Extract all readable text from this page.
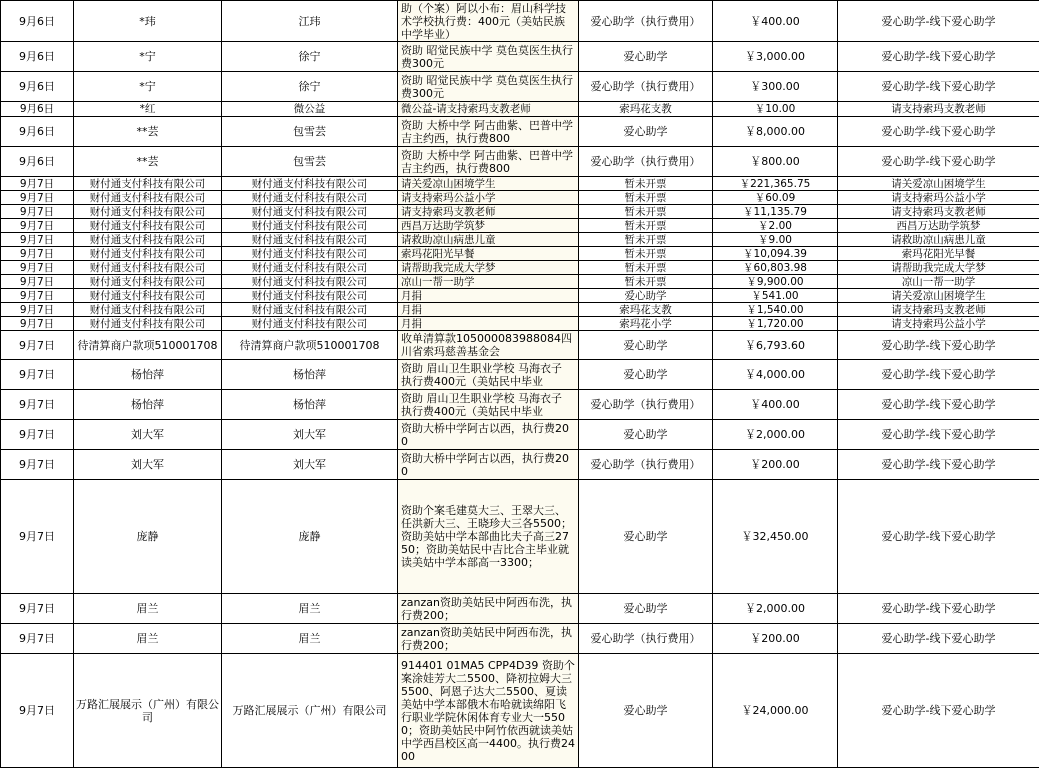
9月6日	*玮	江玮	助（个案）阿以小布：眉山科学技术学校执行费：400元（美姑民族中学毕业）	爱心助学（执行费用）	￥400.00	爱心助学-线下爱心助学
9月6日	*宁	徐宁	资助 昭觉民族中学 莫色莫医生执行费300元	爱心助学	￥3,000.00	爱心助学-线下爱心助学
9月6日	*宁	徐宁	资助 昭觉民族中学 莫色莫医生执行费300元	爱心助学（执行费用）	￥300.00	爱心助学-线下爱心助学
9月6日	*红	微公益	微公益-请支持索玛支教老师	索玛花支教	￥10.00	请支持索玛支教老师
9月6日	**芸	包雪芸	资助 大桥中学 阿古曲紫、巴普中学 吉主约西，执行费800	爱心助学	￥8,000.00	爱心助学-线下爱心助学
9月6日	**芸	包雪芸	资助 大桥中学 阿古曲紫、巴普中学 吉主约西，执行费800	爱心助学（执行费用）	￥800.00	爱心助学-线下爱心助学
9月7日	财付通支付科技有限公司	财付通支付科技有限公司	请关爱凉山困境学生	暂未开票	￥221,365.75	请关爱凉山困境学生
9月7日	财付通支付科技有限公司	财付通支付科技有限公司	请支持索玛公益小学	暂未开票	￥60.09	请支持索玛公益小学
9月7日	财付通支付科技有限公司	财付通支付科技有限公司	请支持索玛支教老师	暂未开票	￥11,135.79	请支持索玛支教老师
9月7日	财付通支付科技有限公司	财付通支付科技有限公司	西昌万达助学筑梦	暂未开票	￥2.00	西昌万达助学筑梦
9月7日	财付通支付科技有限公司	财付通支付科技有限公司	请救助凉山病患儿童	暂未开票	￥9.00	请救助凉山病患儿童
9月7日	财付通支付科技有限公司	财付通支付科技有限公司	索玛花阳光早餐	暂未开票	￥10,094.39	索玛花阳光早餐
9月7日	财付通支付科技有限公司	财付通支付科技有限公司	请帮助我完成大学梦	暂未开票	￥60,803.98	请帮助我完成大学梦
9月7日	财付通支付科技有限公司	财付通支付科技有限公司	凉山一帮一助学	暂未开票	￥9,900.00	凉山一帮一助学
9月7日	财付通支付科技有限公司	财付通支付科技有限公司	月捐	爱心助学	￥541.00	请关爱凉山困境学生
9月7日	财付通支付科技有限公司	财付通支付科技有限公司	月捐	索玛花支教	￥1,540.00	请支持索玛支教老师
9月7日	财付通支付科技有限公司	财付通支付科技有限公司	月捐	索玛花小学	￥1,720.00	请支持索玛公益小学
9月7日	待清算商户款项510001708	待清算商户款项510001708	收单清算款105000083988084四川省索玛慈善基金会	爱心助学	￥6,793.60	爱心助学-线下爱心助学
9月7日	杨怡萍	杨怡萍	资助 眉山卫生职业学校 马海衣子 执行费400元（美姑民中毕业	爱心助学	￥4,000.00	爱心助学-线下爱心助学
9月7日	杨怡萍	杨怡萍	资助 眉山卫生职业学校 马海衣子 执行费400元（美姑民中毕业	爱心助学（执行费用）	￥400.00	爱心助学-线下爱心助学
9月7日	刘大军	刘大军	资助大桥中学阿古以西，执行费200	爱心助学	￥2,000.00	爱心助学-线下爱心助学
9月7日	刘大军	刘大军	资助大桥中学阿古以西，执行费200	爱心助学（执行费用）	￥200.00	爱心助学-线下爱心助学
9月7日	庞静	庞静	资助个案毛建莫大三、王翠大三、任洪新大三、王晓珍大三各5500；资助美姑中学本部曲比夫子高三2750；资助美姑民中吉比合主毕业就读美姑中学本部高一3300；	爱心助学	￥32,450.00	爱心助学-线下爱心助学
9月7日	眉兰	眉兰	zanzan资助美姑民中阿西布洗，执行费200；	爱心助学	￥2,000.00	爱心助学-线下爱心助学
9月7日	眉兰	眉兰	zanzan资助美姑民中阿西布洗，执行费200；	爱心助学（执行费用）	￥200.00	爱心助学-线下爱心助学
9月7日	万路汇展展示（广州）有限公司	万路汇展展示（广州）有限公司	914401 01MA5 CPP4D39 资助个案涂娃芳大二5500、降初拉姆大三5500、阿恩子达大二5500、夏读美姑中学本部俄木布哈就读绵阳飞行职业学院休闲体育专业大一5500；资助美姑民中阿竹依西就读美姑中学西昌校区高一4400。执行费2400	爱心助学	￥24,000.00	爱心助学-线下爱心助学
